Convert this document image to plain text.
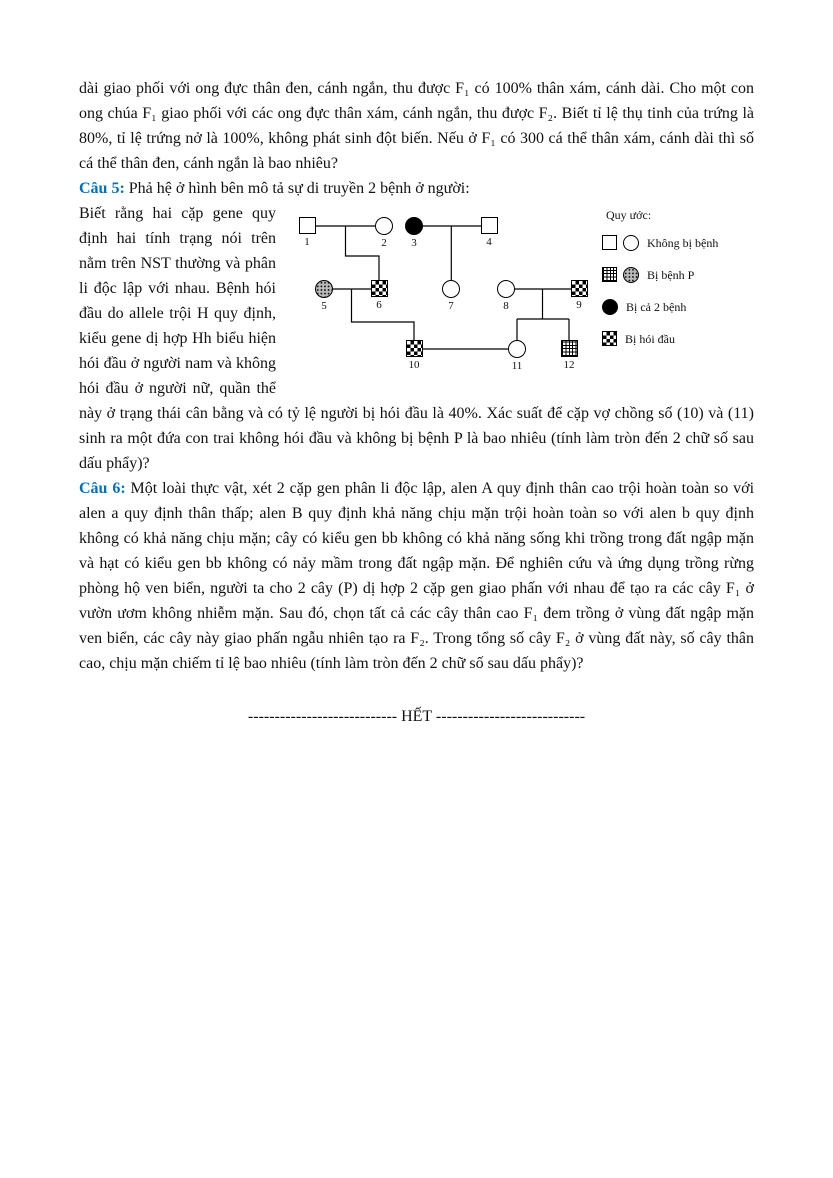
dài giao phối với ong đực thân đen, cánh ngắn, thu được F₁ có 100% thân xám, cánh dài. Cho một con ong chúa F₁ giao phối với các ong đực thân xám, cánh ngắn, thu được F₂. Biết tỉ lệ thụ tinh của trứng là 80%, tỉ lệ trứng nở là 100%, không phát sinh đột biến. Nếu ở F₁ có 300 cá thể thân xám, cánh dài thì số cá thể thân đen, cánh ngắn là bao nhiêu?
Câu 5: Phả hệ ở hình bên mô tả sự di truyền 2 bệnh ở người:
1	2 3	4
5	6	7	8	9
10	11	12
Quy ước:
Không bị bệnh
Bị bệnh P
Bị cả 2 bệnh
Bị hói đầu
Biết rằng hai cặp gene quy định hai tính trạng nói trên nằm trên NST thường và phân li độc lập với nhau. Bệnh hói đầu do allele trội H quy định, kiểu gene dị hợp Hh biểu hiện hói đầu ở người nam và không hói đầu ở người nữ, quần thể này ở trạng thái cân bằng và có tỷ lệ người bị hói đầu là 40%. Xác suất để cặp vợ chồng số (10) và (11) sinh ra một đứa con trai không hói đầu và không bị bệnh P là bao nhiêu (tính làm tròn đến 2 chữ số sau dấu phẩy)?
Câu 6: Một loài thực vật, xét 2 cặp gen phân li độc lập, alen A quy định thân cao trội hoàn toàn so với alen a quy định thân thấp; alen B quy định khả năng chịu mặn trội hoàn toàn so với alen b quy định không có khả năng chịu mặn; cây có kiểu gen bb không có khả năng sống khi trồng trong đất ngập mặn và hạt có kiểu gen bb không có nảy mầm trong đất ngập mặn. Để nghiên cứu và ứng dụng trồng rừng phòng hộ ven biển, người ta cho 2 cây (P) dị hợp 2 cặp gen giao phấn với nhau để tạo ra các cây F₁ ở vườn ươm không nhiễm mặn. Sau đó, chọn tất cả các cây thân cao F₁ đem trồng ở vùng đất ngập mặn ven biển, các cây này giao phấn ngẫu nhiên tạo ra F₂. Trong tổng số cây F₂ ở vùng đất này, số cây thân cao, chịu mặn chiếm tỉ lệ bao nhiêu (tính làm tròn đến 2 chữ số sau dấu phẩy)?
---------------------------- HẾT ----------------------------
